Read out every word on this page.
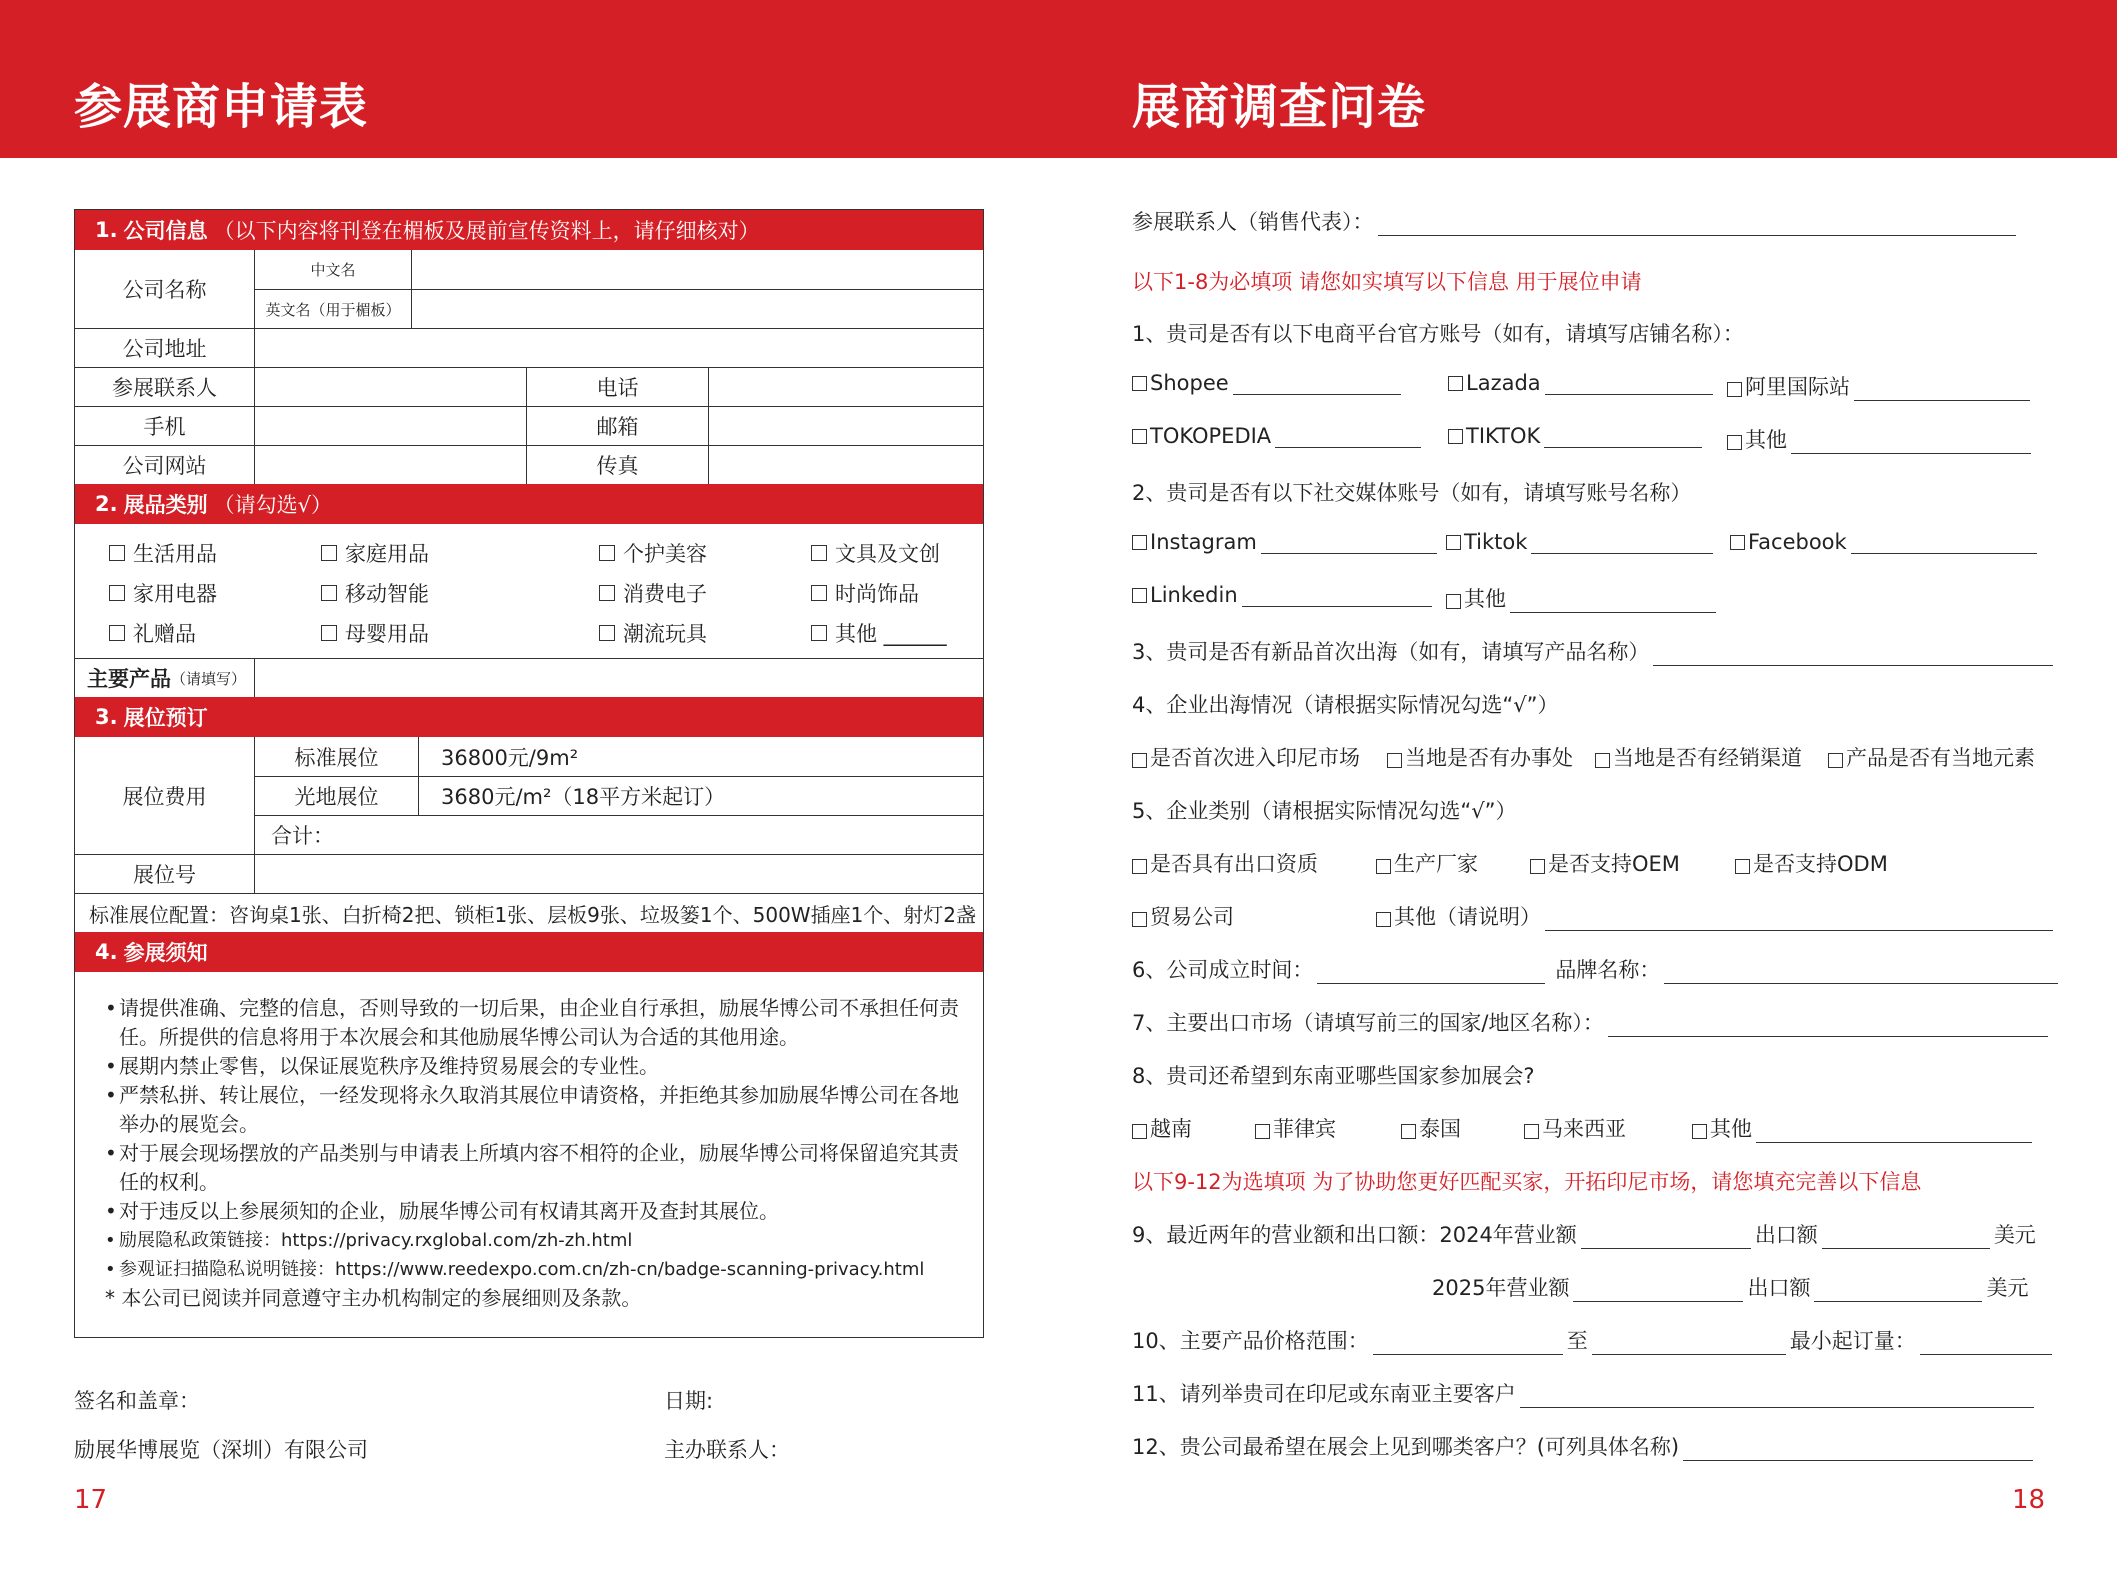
参展商申请表	展商调查问卷
1. 公司信息 （以下内容将刊登在楣板及展前宣传资料上，请仔细核对）
公司名称
中文名
英文名（用于楣板）
公司地址
参展联系人	电话
手机	邮箱
公司网站	传真
2. 展品类别 （请勾选√）
生活用品	家庭用品	个护美容	文具及文创
家用电器	移动智能	消费电子	时尚饰品
礼赠品	母婴用品	潮流玩具	其他 ______
主要产品 （请填写）
3. 展位预订
展位费用
标准展位	36800元/9m²
光地展位	3680元/m²（18平方米起订）
合计：
展位号
标准展位配置：咨询桌1张、白折椅2把、锁柜1张、层板9张、垃圾篓1个、500W插座1个、射灯2盏
4. 参展须知
• 请提供准确、完整的信息，否则导致的一切后果，由企业自行承担，励展华博公司不承担任何责任。所提供的信息将用于本次展会和其他励展华博公司认为合适的其他用途。
• 展期内禁止零售，以保证展览秩序及维持贸易展会的专业性。
• 严禁私拼、转让展位，一经发现将永久取消其展位申请资格，并拒绝其参加励展华博公司在各地举办的展览会。
• 对于展会现场摆放的产品类别与申请表上所填内容不相符的企业，励展华博公司将保留追究其责任的权利。
• 对于违反以上参展须知的企业，励展华博公司有权请其离开及查封其展位。
• 励展隐私政策链接：https://privacy.rxglobal.com/zh-zh.html
• 参观证扫描隐私说明链接：https://www.reedexpo.com.cn/zh-cn/badge-scanning-privacy.html
* 本公司已阅读并同意遵守主办机构制定的参展细则及条款。
签名和盖章：	日期:
励展华博展览（深圳）有限公司	主办联系人：
17
参展联系人（销售代表）：
以下1-8为必填项 请您如实填写以下信息 用于展位申请
1、贵司是否有以下电商平台官方账号（如有，请填写店铺名称）：
Shopee	Lazada	阿里国际站
TOKOPEDIA	TIKTOK	其他
2、贵司是否有以下社交媒体账号（如有，请填写账号名称）
Instagram	Tiktok	Facebook
Linkedin	其他
3、贵司是否有新品首次出海（如有，请填写产品名称）
4、企业出海情况（请根据实际情况勾选“√”）
是否首次进入印尼市场 当地是否有办事处 当地是否有经销渠道 产品是否有当地元素
5、企业类别（请根据实际情况勾选“√”）
是否具有出口资质	生产厂家	是否支持OEM	是否支持ODM
贸易公司	其他（请说明）
6、公司成立时间：	品牌名称：
7、主要出口市场（请填写前三的国家/地区名称）：
8、贵司还希望到东南亚哪些国家参加展会?
越南	菲律宾	泰国	马来西亚	其他
以下9-12为选填项 为了协助您更好匹配买家，开拓印尼市场，请您填充完善以下信息
9、最近两年的营业额和出口额：2024年营业额	出口额	美元
2025年营业额	出口额	美元
10、主要产品价格范围：	至	最小起订量：
11、请列举贵司在印尼或东南亚主要客户
12、贵公司最希望在展会上见到哪类客户？(可列具体名称)
18
